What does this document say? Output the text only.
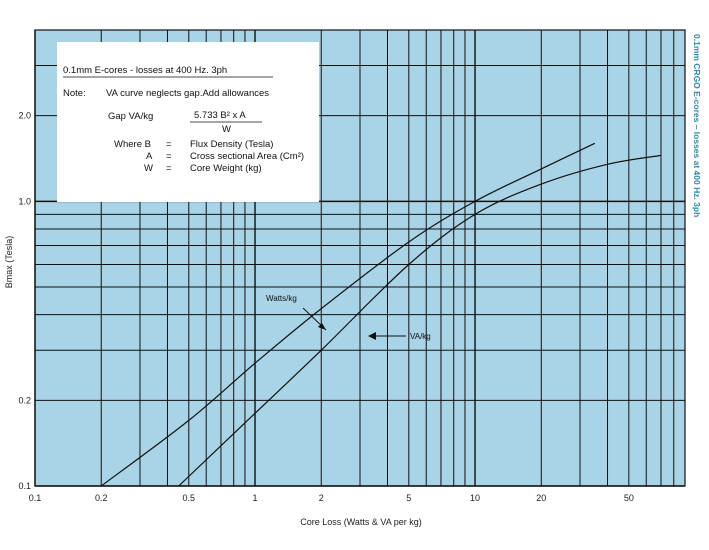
0.1	0.2	0.5	1	2	5	10	20	50
0.1
0.2
1.0
2.0
0.1mm E-cores - losses at 400 Hz. 3ph
Note: VA curve neglects gap.Add allowances
Gap VA/kg	5.733 B² x A
W
Where B = Flux Density (Tesla)
A = Cross sectional Area (Cm²)
W = Core Weight (kg)
Watts/kg
VA/kg
Core Loss (Watts & VA per kg)
Bmax (Tesla)
0.1mm CRGO E-cores – losses at 400 Hz. 3ph
